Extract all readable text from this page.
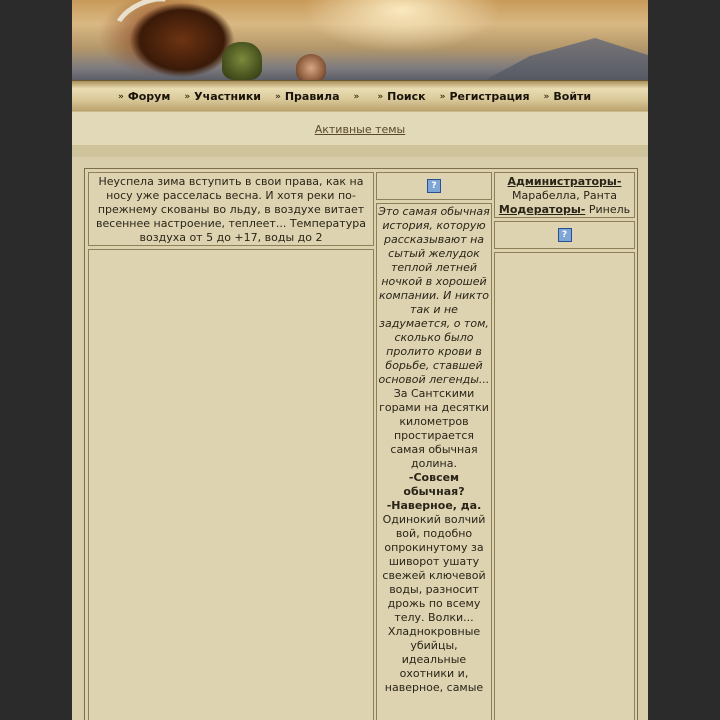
» Форум » Участники » Правила » » Поиск » Регистрация » Войти
Активные темы
Неуспела зима вступить в свои права, как на носу уже расселась весна. И хотя реки по-прежнему скованы во льду, в воздухе витает весеннее настроение, теплеет... Температура воздуха от 5 до +17, воды до 2
?

Это самая обычная история, которую рассказывают на сытый желудок теплой летней ночкой в хорошей компании. И никто так и не задумается, о том, сколько было пролито крови в борьбе, ставшей основой легенды...

За Сантскими горами на десятки километров простирается самая обычная долина.

-Совсем обычная?

-Наверное, да.

Одинокий волчий вой, подобно опрокинутому за шиворот ушату свежей ключевой воды, разносит дрожь по всему телу. Волки... Хладнокровные убийцы, идеальные охотники и, наверное, самые

Администраторы-
Марабелла, Ранта
Модераторы- Ринель
?
